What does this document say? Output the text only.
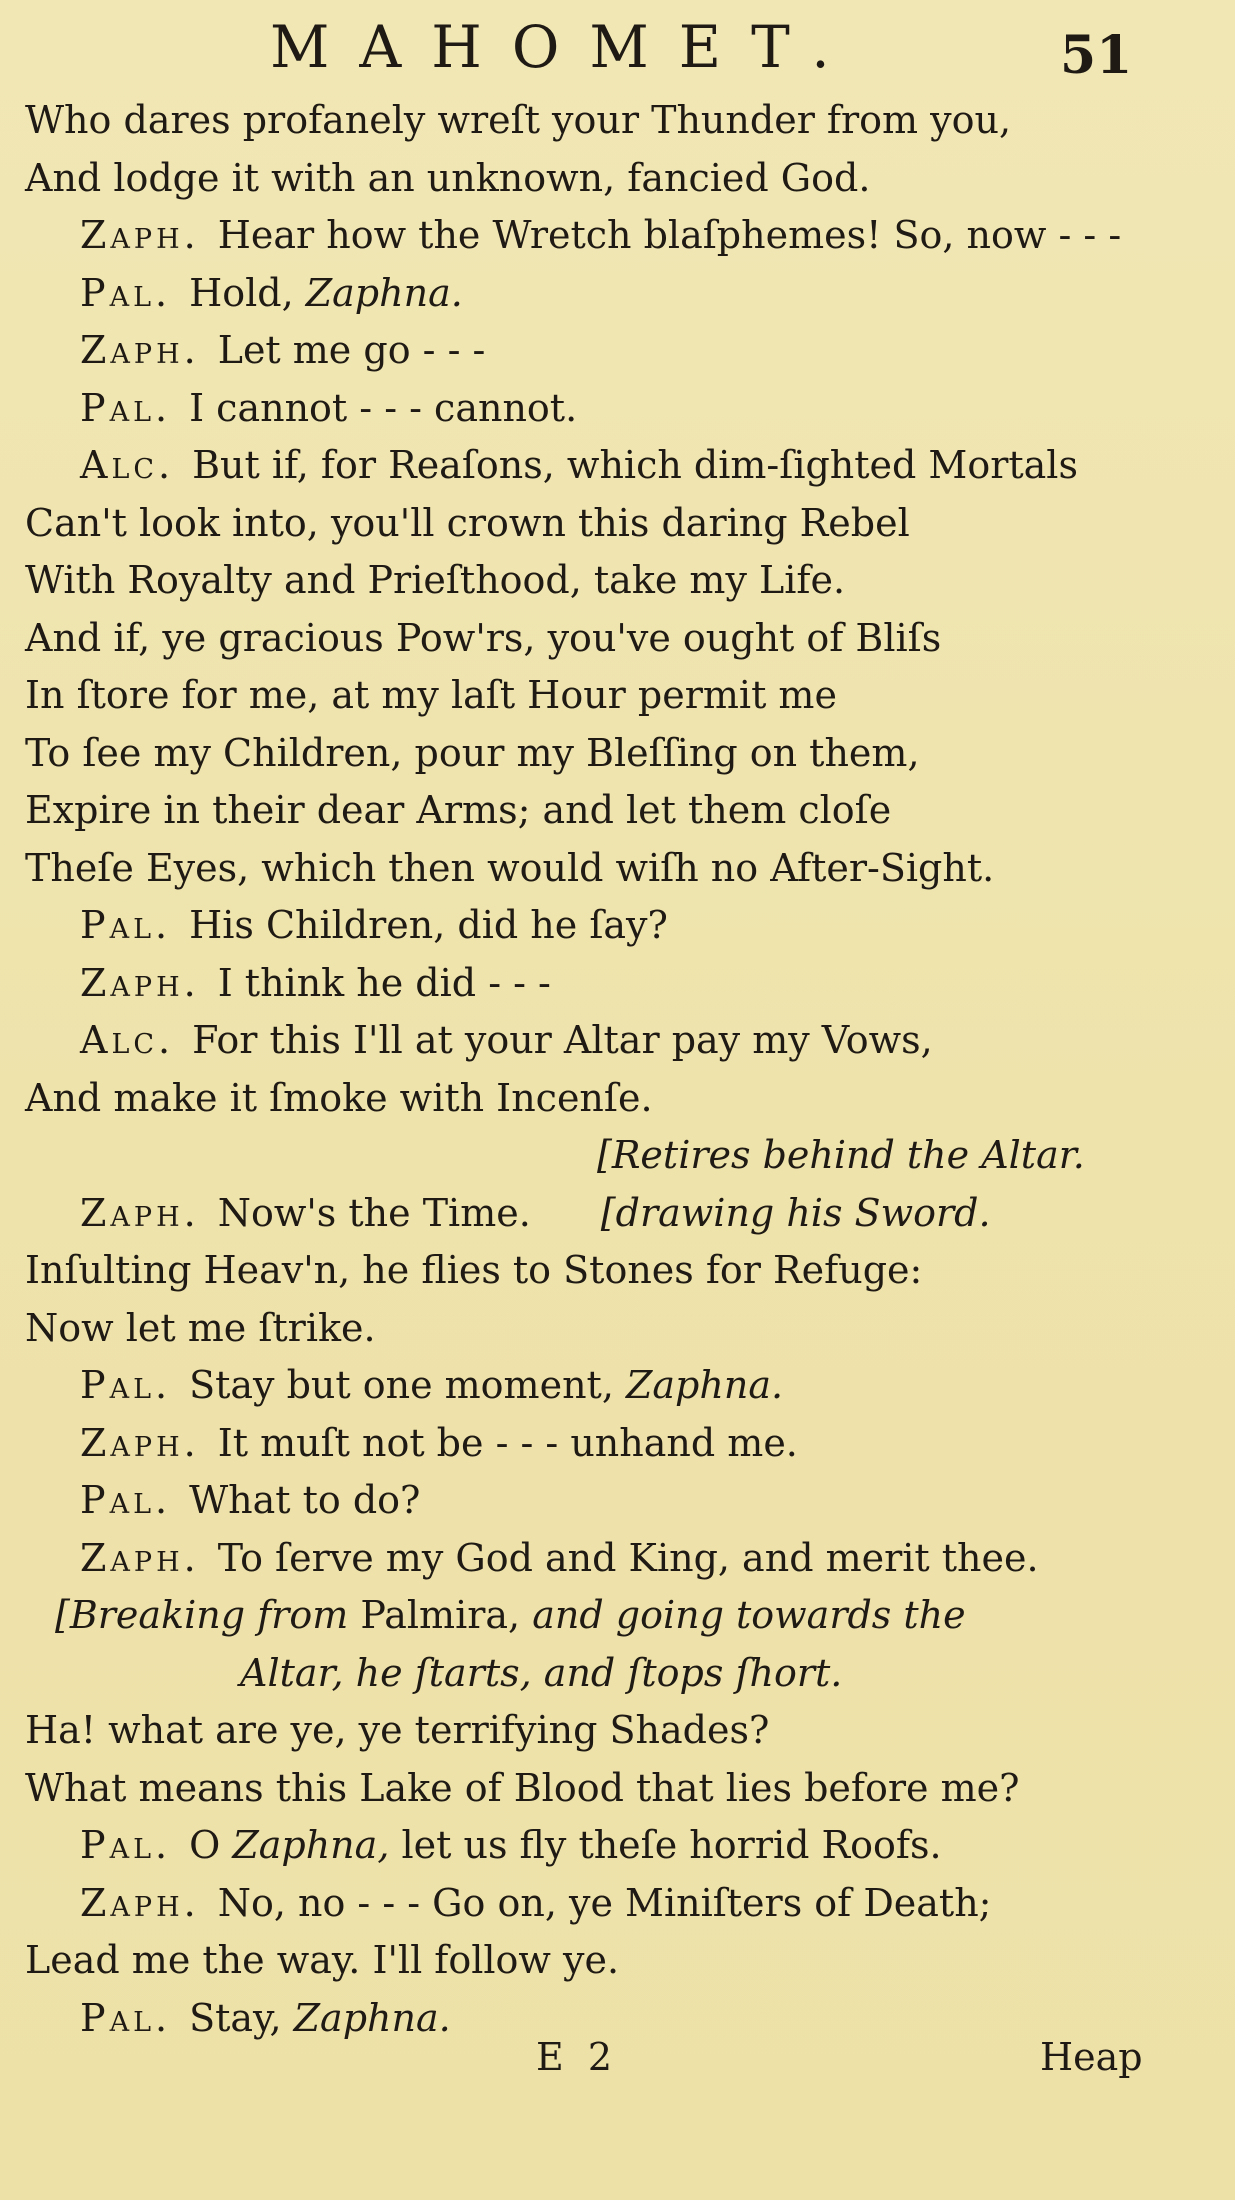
MAHOMET.	51
Who dares profanely wreſt your Thunder from you,
And lodge it with an unknown, fancied God.
Zaph. Hear how the Wretch blaſphemes! So, now - - -
Pal. Hold, Zaphna.
Zaph. Let me go - - -
Pal. I cannot - - - cannot.
Alc. But if, for Reaſons, which dim-ſighted Mortals
Can't look into, you'll crown this daring Rebel
With Royalty and Prieſthood, take my Life.
And if, ye gracious Pow'rs, you've ought of Bliſs
In ſtore for me, at my laſt Hour permit me
To ſee my Children, pour my Bleſſing on them,
Expire in their dear Arms; and let them cloſe
Theſe Eyes, which then would wiſh no After-Sight.
Pal. His Children, did he ſay?
Zaph. I think he did - - -
Alc. For this I'll at your Altar pay my Vows,
And make it ſmoke with Incenſe.
[Retires behind the Altar.
Zaph. Now's the Time. [drawing his Sword.
Inſulting Heav'n, he flies to Stones for Refuge:
Now let me ſtrike.
Pal. Stay but one moment, Zaphna.
Zaph. It muſt not be - - - unhand me.
Pal. What to do?
Zaph. To ſerve my God and King, and merit thee.
[Breaking from Palmira, and going towards the
Altar, he ſtarts, and ſtops ſhort.
Ha! what are ye, ye terrifying Shades?
What means this Lake of Blood that lies before me?
Pal. O Zaphna, let us fly theſe horrid Roofs.
Zaph. No, no - - - Go on, ye Miniſters of Death;
Lead me the way. I'll follow ye.
Pal. Stay, Zaphna.
E 2	Heap
